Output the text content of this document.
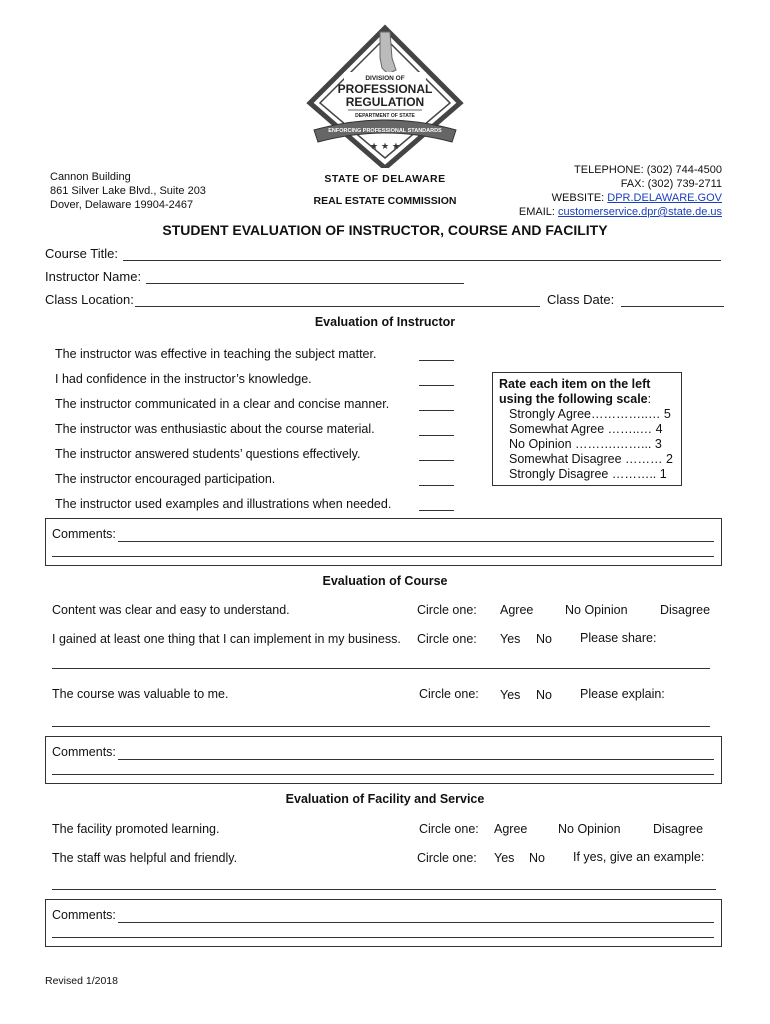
DIVISION OF
PROFESSIONAL
REGULATION
DEPARTMENT OF STATE
ENFORCING PROFESSIONAL STANDARDS
★ ★ ★
Cannon Building
861 Silver Lake Blvd., Suite 203
Dover, Delaware 19904-2467
STATE OF DELAWARE
REAL ESTATE COMMISSION
TELEPHONE: (302) 744-4500
FAX: (302) 739-2711
WEBSITE: DPR.DELAWARE.GOV
EMAIL: customerservice.dpr@state.de.us
STUDENT EVALUATION OF INSTRUCTOR, COURSE AND FACILITY
Course Title:
Instructor Name:
Class Location:	Class Date:
Evaluation of Instructor
The instructor was effective in teaching the subject matter.
I had confidence in the instructor’s knowledge.
The instructor communicated in a clear and concise manner.
The instructor was enthusiastic about the course material.
The instructor answered students’ questions effectively.
The instructor encouraged participation.
The instructor used examples and illustrations when needed.
Rate each item on the left
using the following scale:
Strongly Agree…………..… 5
Somewhat Agree ……..… 4
No Opinion ……….……... 3
Somewhat Disagree ……… 2
Strongly Disagree ……….. 1
Comments:
Evaluation of Course
Content was clear and easy to understand.	Circle one: Agree	No Opinion	Disagree
I gained at least one thing that I can implement in my business. Circle one: Yes No Please share:
The course was valuable to me.	Circle one: Yes No Please explain:
Comments:
Evaluation of Facility and Service
The facility promoted learning.	Circle one: Agree No Opinion	Disagree
The staff was helpful and friendly.	Circle one: Yes No If yes, give an example:
Comments:
Revised 1/2018
